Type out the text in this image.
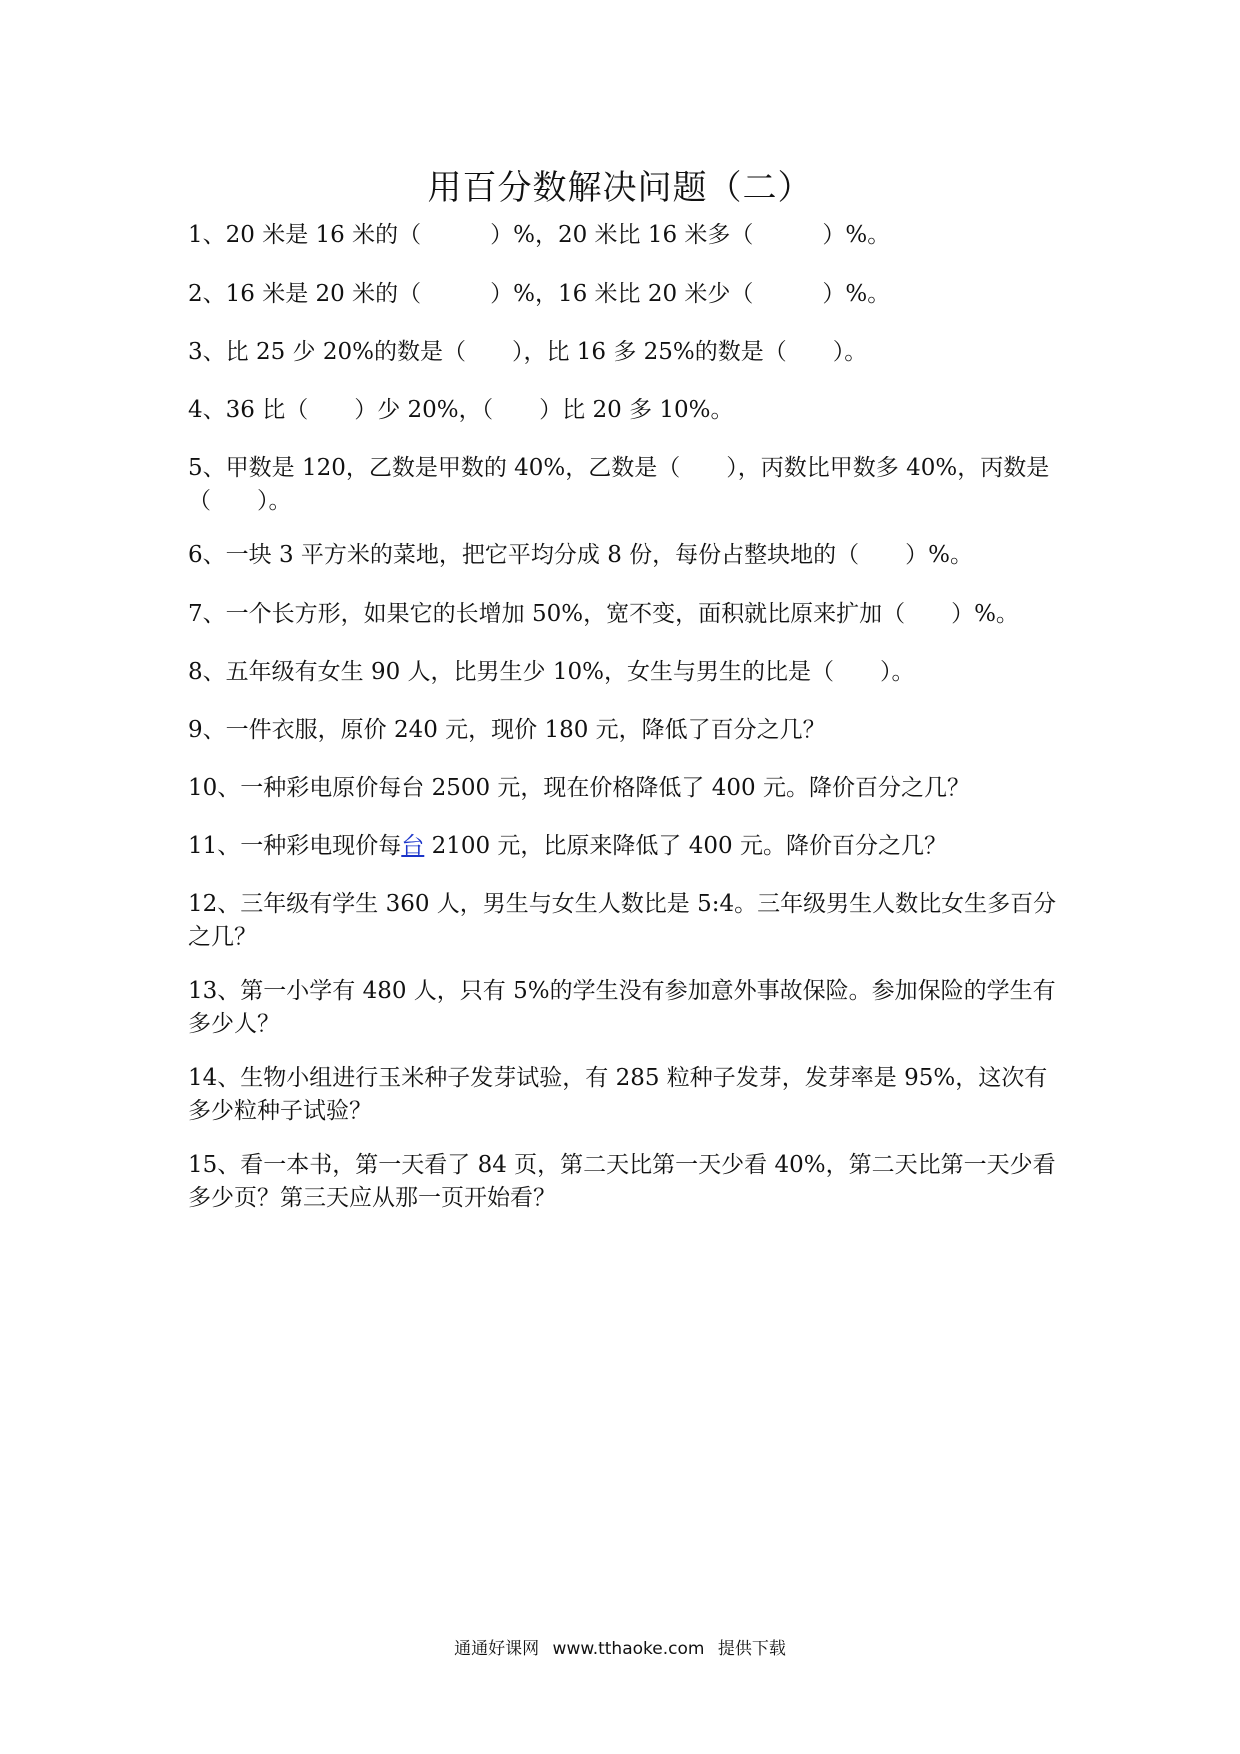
用百分数解决问题（二）
1、20 米是 16 米的（　　　）%，20 米比 16 米多（　　　）%。
2、16 米是 20 米的（　　　）%，16 米比 20 米少（　　　）%。
3、比 25 少 20%的数是（　　），比 16 多 25%的数是（　　）。
4、36 比（　　）少 20%，（　　）比 20 多 10%。
5、甲数是 120，乙数是甲数的 40%，乙数是（　　），丙数比甲数多 40%，丙数是（　　）。
6、一块 3 平方米的菜地，把它平均分成 8 份，每份占整块地的（　　）%。
7、一个长方形，如果它的长增加 50%，宽不变，面积就比原来扩加（　　）%。
8、五年级有女生 90 人，比男生少 10%，女生与男生的比是（　　）。
9、一件衣服，原价 240 元，现价 180 元，降低了百分之几？
10、一种彩电原价每台 2500 元，现在价格降低了 400 元。降价百分之几？
11、一种彩电现价每台 2100 元，比原来降低了 400 元。降价百分之几？
12、三年级有学生 360 人，男生与女生人数比是 5:4。三年级男生人数比女生多百分之几？
13、第一小学有 480 人，只有 5%的学生没有参加意外事故保险。参加保险的学生有多少人？
14、生物小组进行玉米种子发芽试验，有 285 粒种子发芽，发芽率是 95%，这次有多少粒种子试验？
15、看一本书，第一天看了 84 页，第二天比第一天少看 40%，第二天比第一天少看多少页？第三天应从那一页开始看？
通通好课网 www.tthaoke.com 提供下载
